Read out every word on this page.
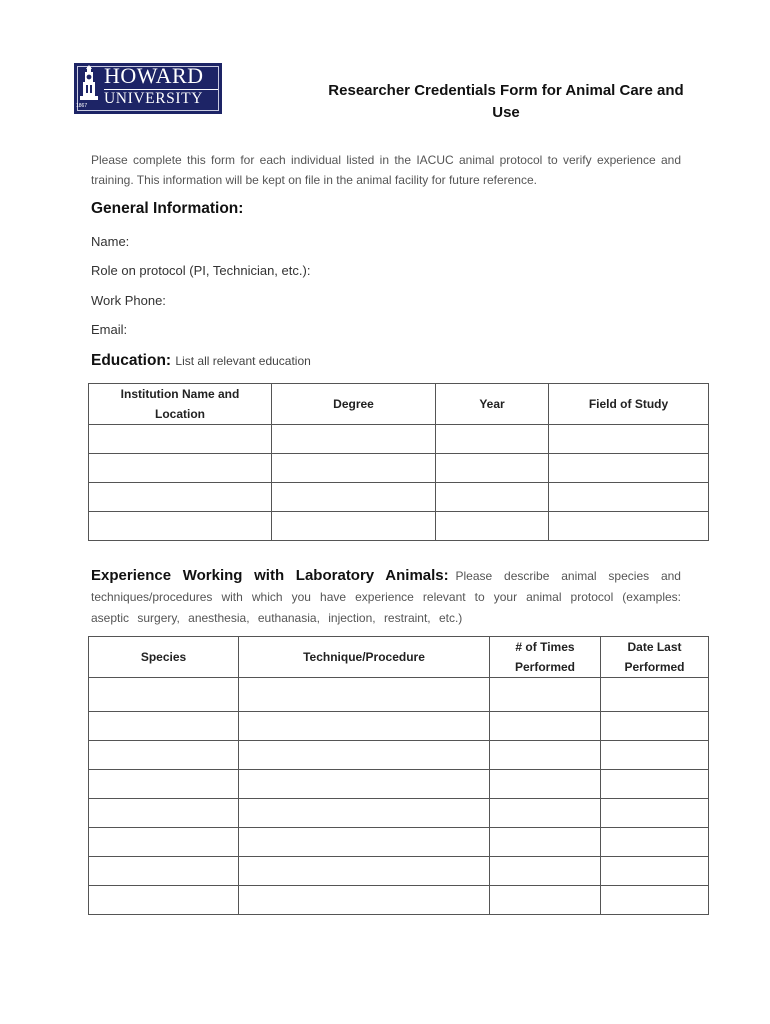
HOWARD
UNIVERSITY
1867
Researcher Credentials Form for Animal Care and Use
Please complete this form for each individual listed in the IACUC animal protocol to verify experience and training. This information will be kept on file in the animal facility for future reference.
General Information:
Name:
Role on protocol (PI, Technician, etc.):
Work Phone:
Email:
Education: List all relevant education
Institution Name and Location	Degree	Year	Field of Study

Experience Working with Laboratory Animals: Please describe animal species and techniques/procedures with which you have experience relevant to your animal protocol (examples: aseptic surgery, anesthesia, euthanasia, injection, restraint, etc.)
Species	Technique/Procedure	# of Times Performed	Date Last Performed
